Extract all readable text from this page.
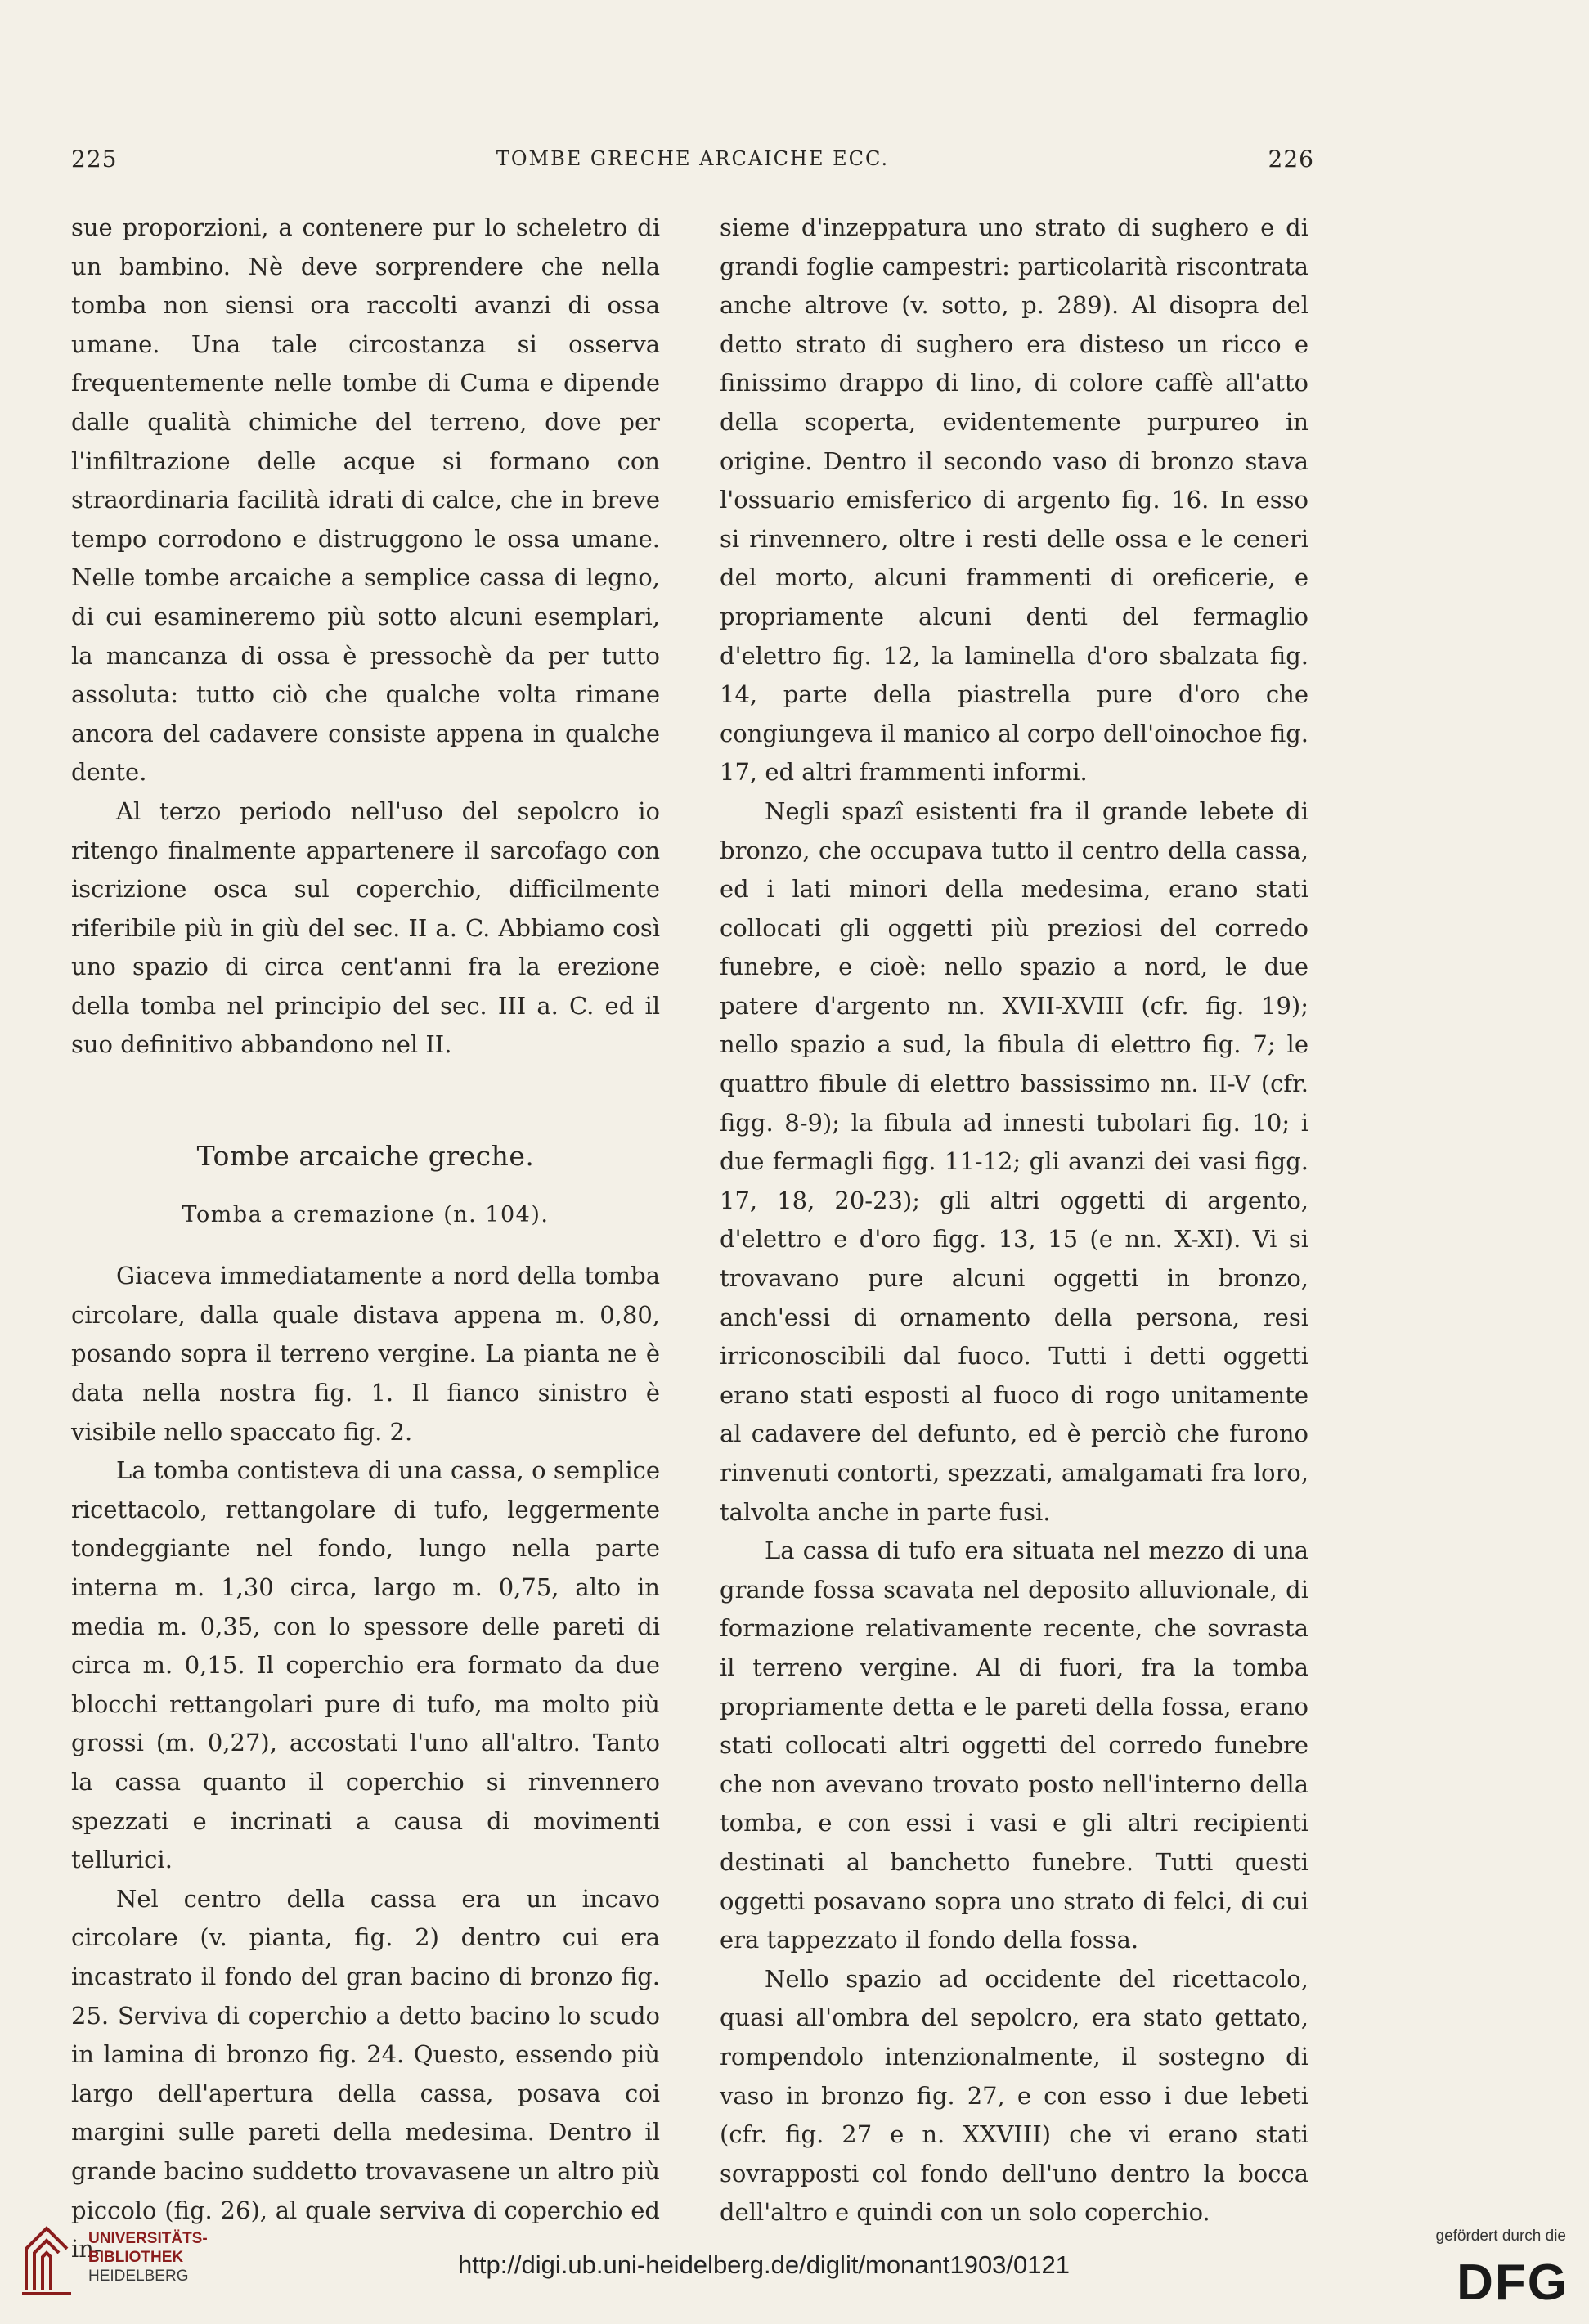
225	TOMBE GRECHE ARCAICHE ECC.	226

sue proporzioni, a contenere pur lo scheletro di un bambino. Nè deve sorprendere che nella tomba non siensi ora raccolti avanzi di ossa umane. Una tale circostanza si osserva frequentemente nelle tombe di Cuma e dipende dalle qualità chimiche del terreno, dove per l'infiltrazione delle acque si formano con straordinaria facilità idrati di calce, che in breve tempo corrodono e distruggono le ossa umane. Nelle tombe arcaiche a semplice cassa di legno, di cui esamineremo più sotto alcuni esemplari, la mancanza di ossa è pressochè da per tutto assoluta: tutto ciò che qualche volta rimane ancora del cadavere consiste appena in qualche dente.

Al terzo periodo nell'uso del sepolcro io ritengo finalmente appartenere il sarcofago con iscrizione osca sul coperchio, difficilmente riferibile più in giù del sec. II a. C. Abbiamo così uno spazio di circa cent'anni fra la erezione della tomba nel principio del sec. III a. C. ed il suo definitivo abbandono nel II.

Tombe arcaiche greche.
Tomba a cremazione (n. 104).

Giaceva immediatamente a nord della tomba circolare, dalla quale distava appena m. 0,80, posando sopra il terreno vergine. La pianta ne è data nella nostra fig. 1. Il fianco sinistro è visibile nello spaccato fig. 2.

La tomba contisteva di una cassa, o semplice ricettacolo, rettangolare di tufo, leggermente tondeggiante nel fondo, lungo nella parte interna m. 1,30 circa, largo m. 0,75, alto in media m. 0,35, con lo spessore delle pareti di circa m. 0,15. Il coperchio era formato da due blocchi rettangolari pure di tufo, ma molto più grossi (m. 0,27), accostati l'uno all'altro. Tanto la cassa quanto il coperchio si rinvennero spezzati e incrinati a causa di movimenti tellurici.

Nel centro della cassa era un incavo circolare (v. pianta, fig. 2) dentro cui era incastrato il fondo del gran bacino di bronzo fig. 25. Serviva di coperchio a detto bacino lo scudo in lamina di bronzo fig. 24. Questo, essendo più largo dell'apertura della cassa, posava coi margini sulle pareti della medesima. Dentro il grande bacino suddetto trovavasene un altro più piccolo (fig. 26), al quale serviva di coperchio ed in-

sieme d'inzeppatura uno strato di sughero e di grandi foglie campestri: particolarità riscontrata anche altrove (v. sotto, p. 289). Al disopra del detto strato di sughero era disteso un ricco e finissimo drappo di lino, di colore caffè all'atto della scoperta, evidentemente purpureo in origine. Dentro il secondo vaso di bronzo stava l'ossuario emisferico di argento fig. 16. In esso si rinvennero, oltre i resti delle ossa e le ceneri del morto, alcuni frammenti di oreficerie, e propriamente alcuni denti del fermaglio d'elettro fig. 12, la laminella d'oro sbalzata fig. 14, parte della piastrella pure d'oro che congiungeva il manico al corpo dell'oinochoe fig. 17, ed altri frammenti informi.

Negli spazî esistenti fra il grande lebete di bronzo, che occupava tutto il centro della cassa, ed i lati minori della medesima, erano stati collocati gli oggetti più preziosi del corredo funebre, e cioè: nello spazio a nord, le due patere d'argento nn. XVII-XVIII (cfr. fig. 19); nello spazio a sud, la fibula di elettro fig. 7; le quattro fibule di elettro bassissimo nn. II-V (cfr. figg. 8-9); la fibula ad innesti tubolari fig. 10; i due fermagli figg. 11-12; gli avanzi dei vasi figg. 17, 18, 20-23); gli altri oggetti di argento, d'elettro e d'oro figg. 13, 15 (e nn. X-XI). Vi si trovavano pure alcuni oggetti in bronzo, anch'essi di ornamento della persona, resi irriconoscibili dal fuoco. Tutti i detti oggetti erano stati esposti al fuoco di rogo unitamente al cadavere del defunto, ed è perciò che furono rinvenuti contorti, spezzati, amalgamati fra loro, talvolta anche in parte fusi.

La cassa di tufo era situata nel mezzo di una grande fossa scavata nel deposito alluvionale, di formazione relativamente recente, che sovrasta il terreno vergine. Al di fuori, fra la tomba propriamente detta e le pareti della fossa, erano stati collocati altri oggetti del corredo funebre che non avevano trovato posto nell'interno della tomba, e con essi i vasi e gli altri recipienti destinati al banchetto funebre. Tutti questi oggetti posavano sopra uno strato di felci, di cui era tappezzato il fondo della fossa.

Nello spazio ad occidente del ricettacolo, quasi all'ombra del sepolcro, era stato gettato, rompendolo intenzionalmente, il sostegno di vaso in bronzo fig. 27, e con esso i due lebeti (cfr. fig. 27 e n. XXVIII) che vi erano stati sovrapposti col fondo dell'uno dentro la bocca dell'altro e quindi con un solo coperchio.

UNIVERSITÄTS-
BIBLIOTHEK
HEIDELBERG	http://digi.ub.uni-heidelberg.de/diglit/monant1903/0121
gefördert durch die
DFG
